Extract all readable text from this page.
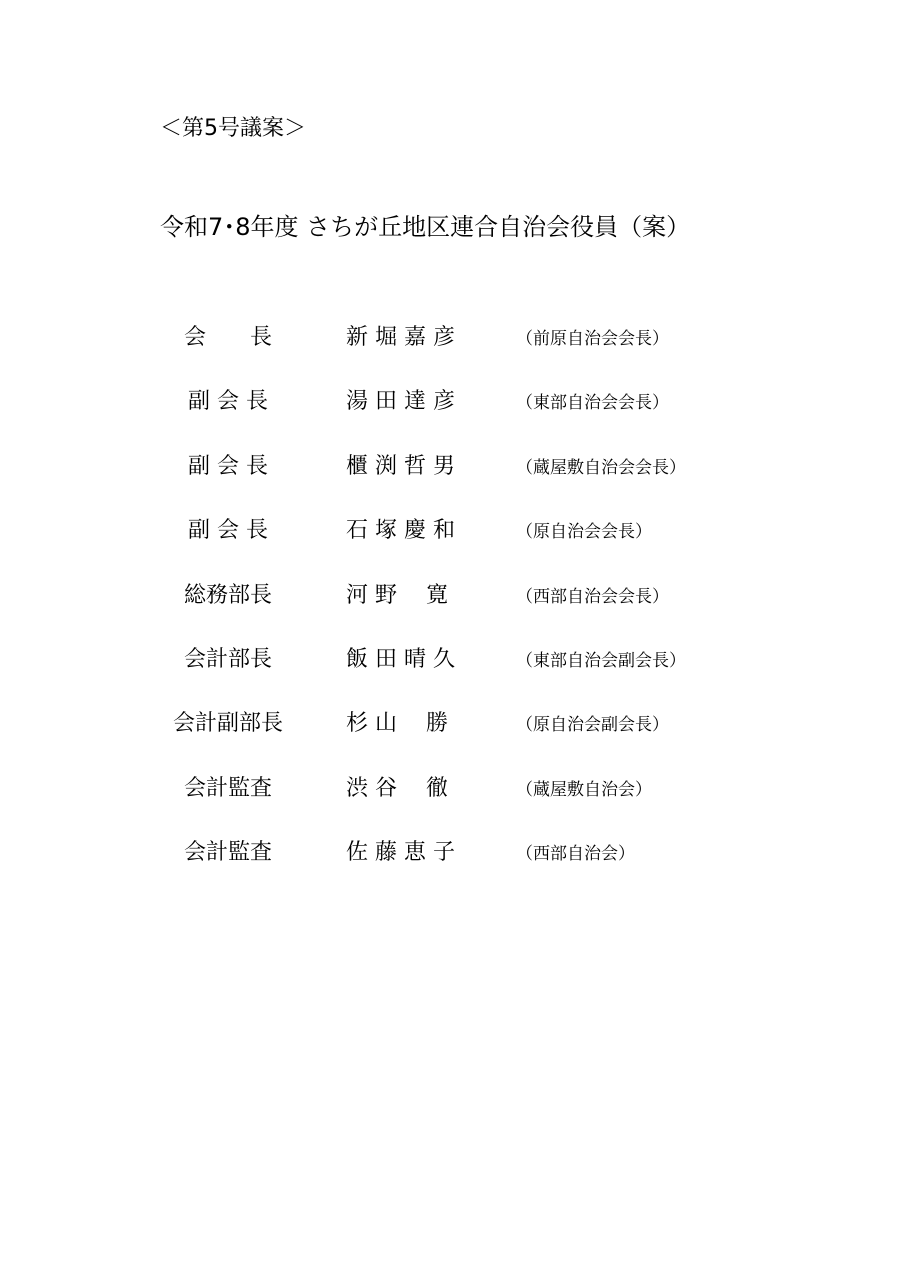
＜第5号議案＞
令和7･8年度 さちが丘地区連合自治会役員（案）
会　　長	新 堀 嘉 彦	（前原自治会会長）
副 会 長	湯 田 達 彦	（東部自治会会長）
副 会 長	櫃 渕 哲 男	（蔵屋敷自治会会長）
副 会 長	石 塚 慶 和	（原自治会会長）
総務部長	河 野 　寛	（西部自治会会長）
会計部長	飯 田 晴 久	（東部自治会副会長）
会計副部長	杉 山 　勝	（原自治会副会長）
会計監査	渋 谷 　徹	（蔵屋敷自治会）
会計監査	佐 藤 恵 子	（西部自治会）
